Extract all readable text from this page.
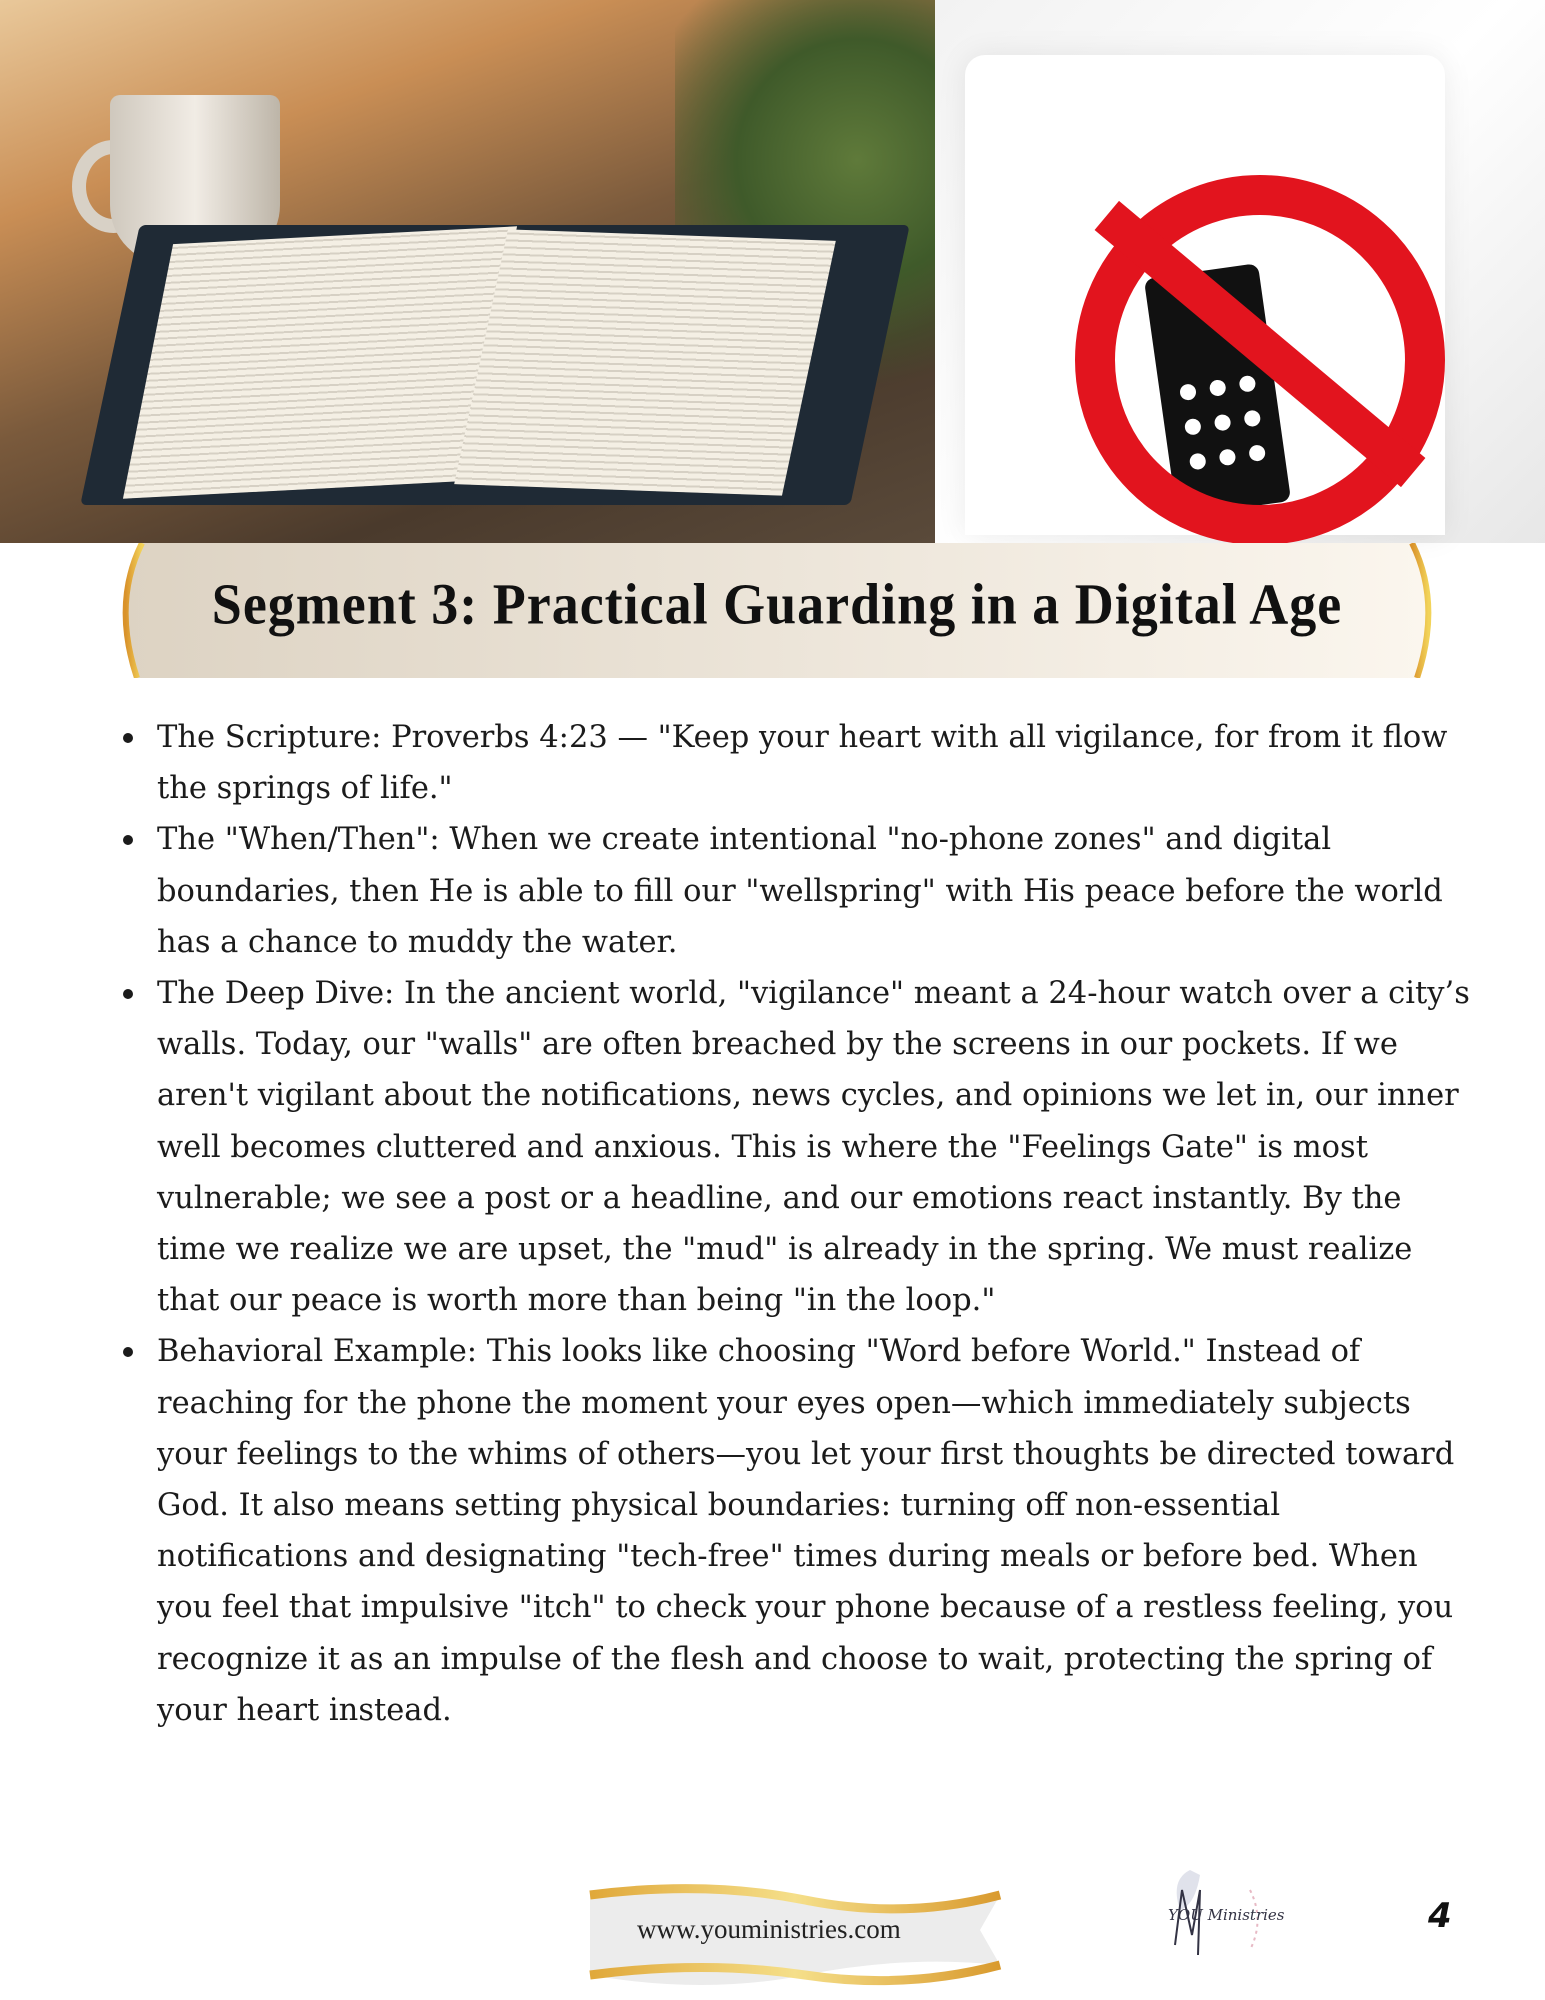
Segment 3: Practical Guarding in a Digital Age
The Scripture: Proverbs 4:23 — "Keep your heart with all vigilance, for from it flow the springs of life."
The "When/Then": When we create intentional "no-phone zones" and digital boundaries, then He is able to fill our "wellspring" with His peace before the world has a chance to muddy the water.
The Deep Dive: In the ancient world, "vigilance" meant a 24-hour watch over a city’s walls. Today, our "walls" are often breached by the screens in our pockets. If we aren't vigilant about the notifications, news cycles, and opinions we let in, our inner well becomes cluttered and anxious. This is where the "Feelings Gate" is most vulnerable; we see a post or a headline, and our emotions react instantly. By the time we realize we are upset, the "mud" is already in the spring. We must realize that our peace is worth more than being "in the loop."
Behavioral Example: This looks like choosing "Word before World." Instead of reaching for the phone the moment your eyes open—which immediately subjects your feelings to the whims of others—you let your first thoughts be directed toward God. It also means setting physical boundaries: turning off non-essential notifications and designating "tech-free" times during meals or before bed. When you feel that impulsive "itch" to check your phone because of a restless feeling, you recognize it as an impulse of the flesh and choose to wait, protecting the spring of your heart instead.
www.youministries.com	YOU Ministries	4
